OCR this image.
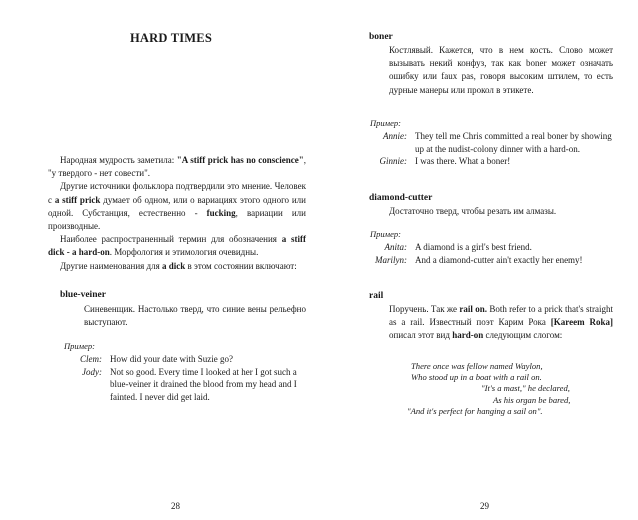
HARD TIMES

Народная мудрость заметила: "A stiff prick has no conscience", "у твердого - нет совести".

Другие источники фольклора подтвердили это мнение. Человек с a stiff prick думает об одном, или о вариациях этого одного или одной. Субстанция, естественно - fucking, вариации или производные.

Наиболее распространенный термин для обозначения a stiff dick - a hard-on. Морфология и этимология очевидны.

Другие наименования для a dick в этом состоянии включают:

blue-veiner
Синевенщик. Настолько тверд, что синие вены рельефно выступают.
Пример:
Clem: How did your date with Suzie go?
Jody: Not so good. Every time I looked at her I got such a blue-veiner it drained the blood from my head and I fainted. I never did get laid.
28
boner
Костлявый. Кажется, что в нем кость. Слово может вызывать некий конфуз, так как boner может означать ошибку или faux pas, говоря высоким штилем, то есть дурные манеры или прокол в этикете.
Пример:
Annie: They tell me Chris committed a real boner by showing up at the nudist-colony dinner with a hard-on.
Ginnie: I was there. What a boner!
diamond-cutter
Достаточно тверд, чтобы резать им алмазы.
Пример:
Anita: A diamond is a girl's best friend.
Marilyn: And a diamond-cutter ain't exactly her enemy!
rail
Поручень. Так же rail on. Both refer to a prick that's straight as a rail. Известный поэт Карим Рока [Kareem Roka] описал этот вид hard-on следующим слогом:
There once was fellow named Waylon,
Who stood up in a boat with a rail on.
"It's a mast," he declared,
As his organ be bared,
"And it's perfect for hanging a sail on".
29
